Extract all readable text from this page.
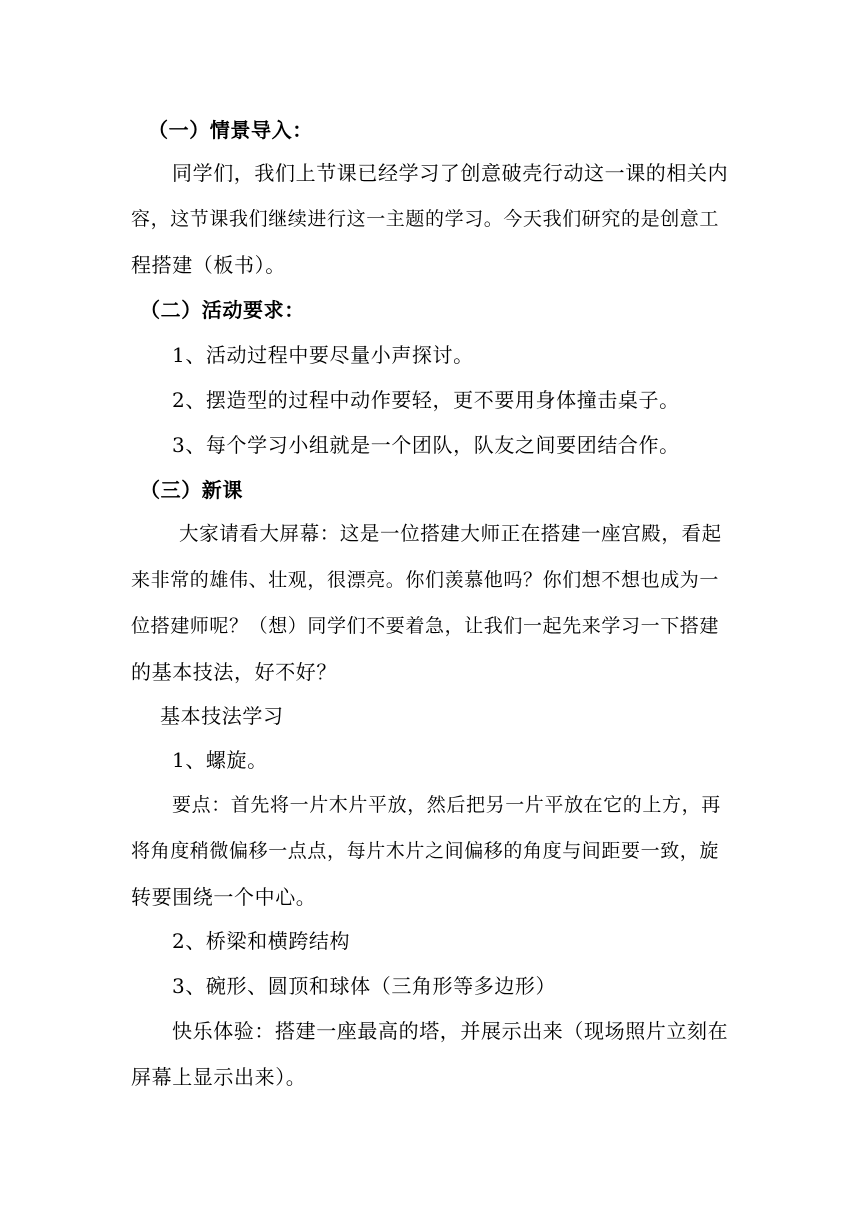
（一）情景导入：
同学们，我们上节课已经学习了创意破壳行动这一课的相关内
容，这节课我们继续进行这一主题的学习。今天我们研究的是创意工
程搭建（板书）。
（二）活动要求：
1、活动过程中要尽量小声探讨。
2、摆造型的过程中动作要轻，更不要用身体撞击桌子。
3、每个学习小组就是一个团队，队友之间要团结合作。
（三）新课
大家请看大屏幕：这是一位搭建大师正在搭建一座宫殿，看起
来非常的雄伟、壮观，很漂亮。你们羡慕他吗？你们想不想也成为一
位搭建师呢？（想）同学们不要着急，让我们一起先来学习一下搭建
的基本技法，好不好？
基本技法学习
1、螺旋。
要点：首先将一片木片平放，然后把另一片平放在它的上方，再
将角度稍微偏移一点点，每片木片之间偏移的角度与间距要一致，旋
转要围绕一个中心。
2、桥梁和横跨结构
3、碗形、圆顶和球体（三角形等多边形）
快乐体验：搭建一座最高的塔，并展示出来（现场照片立刻在
屏幕上显示出来）。
